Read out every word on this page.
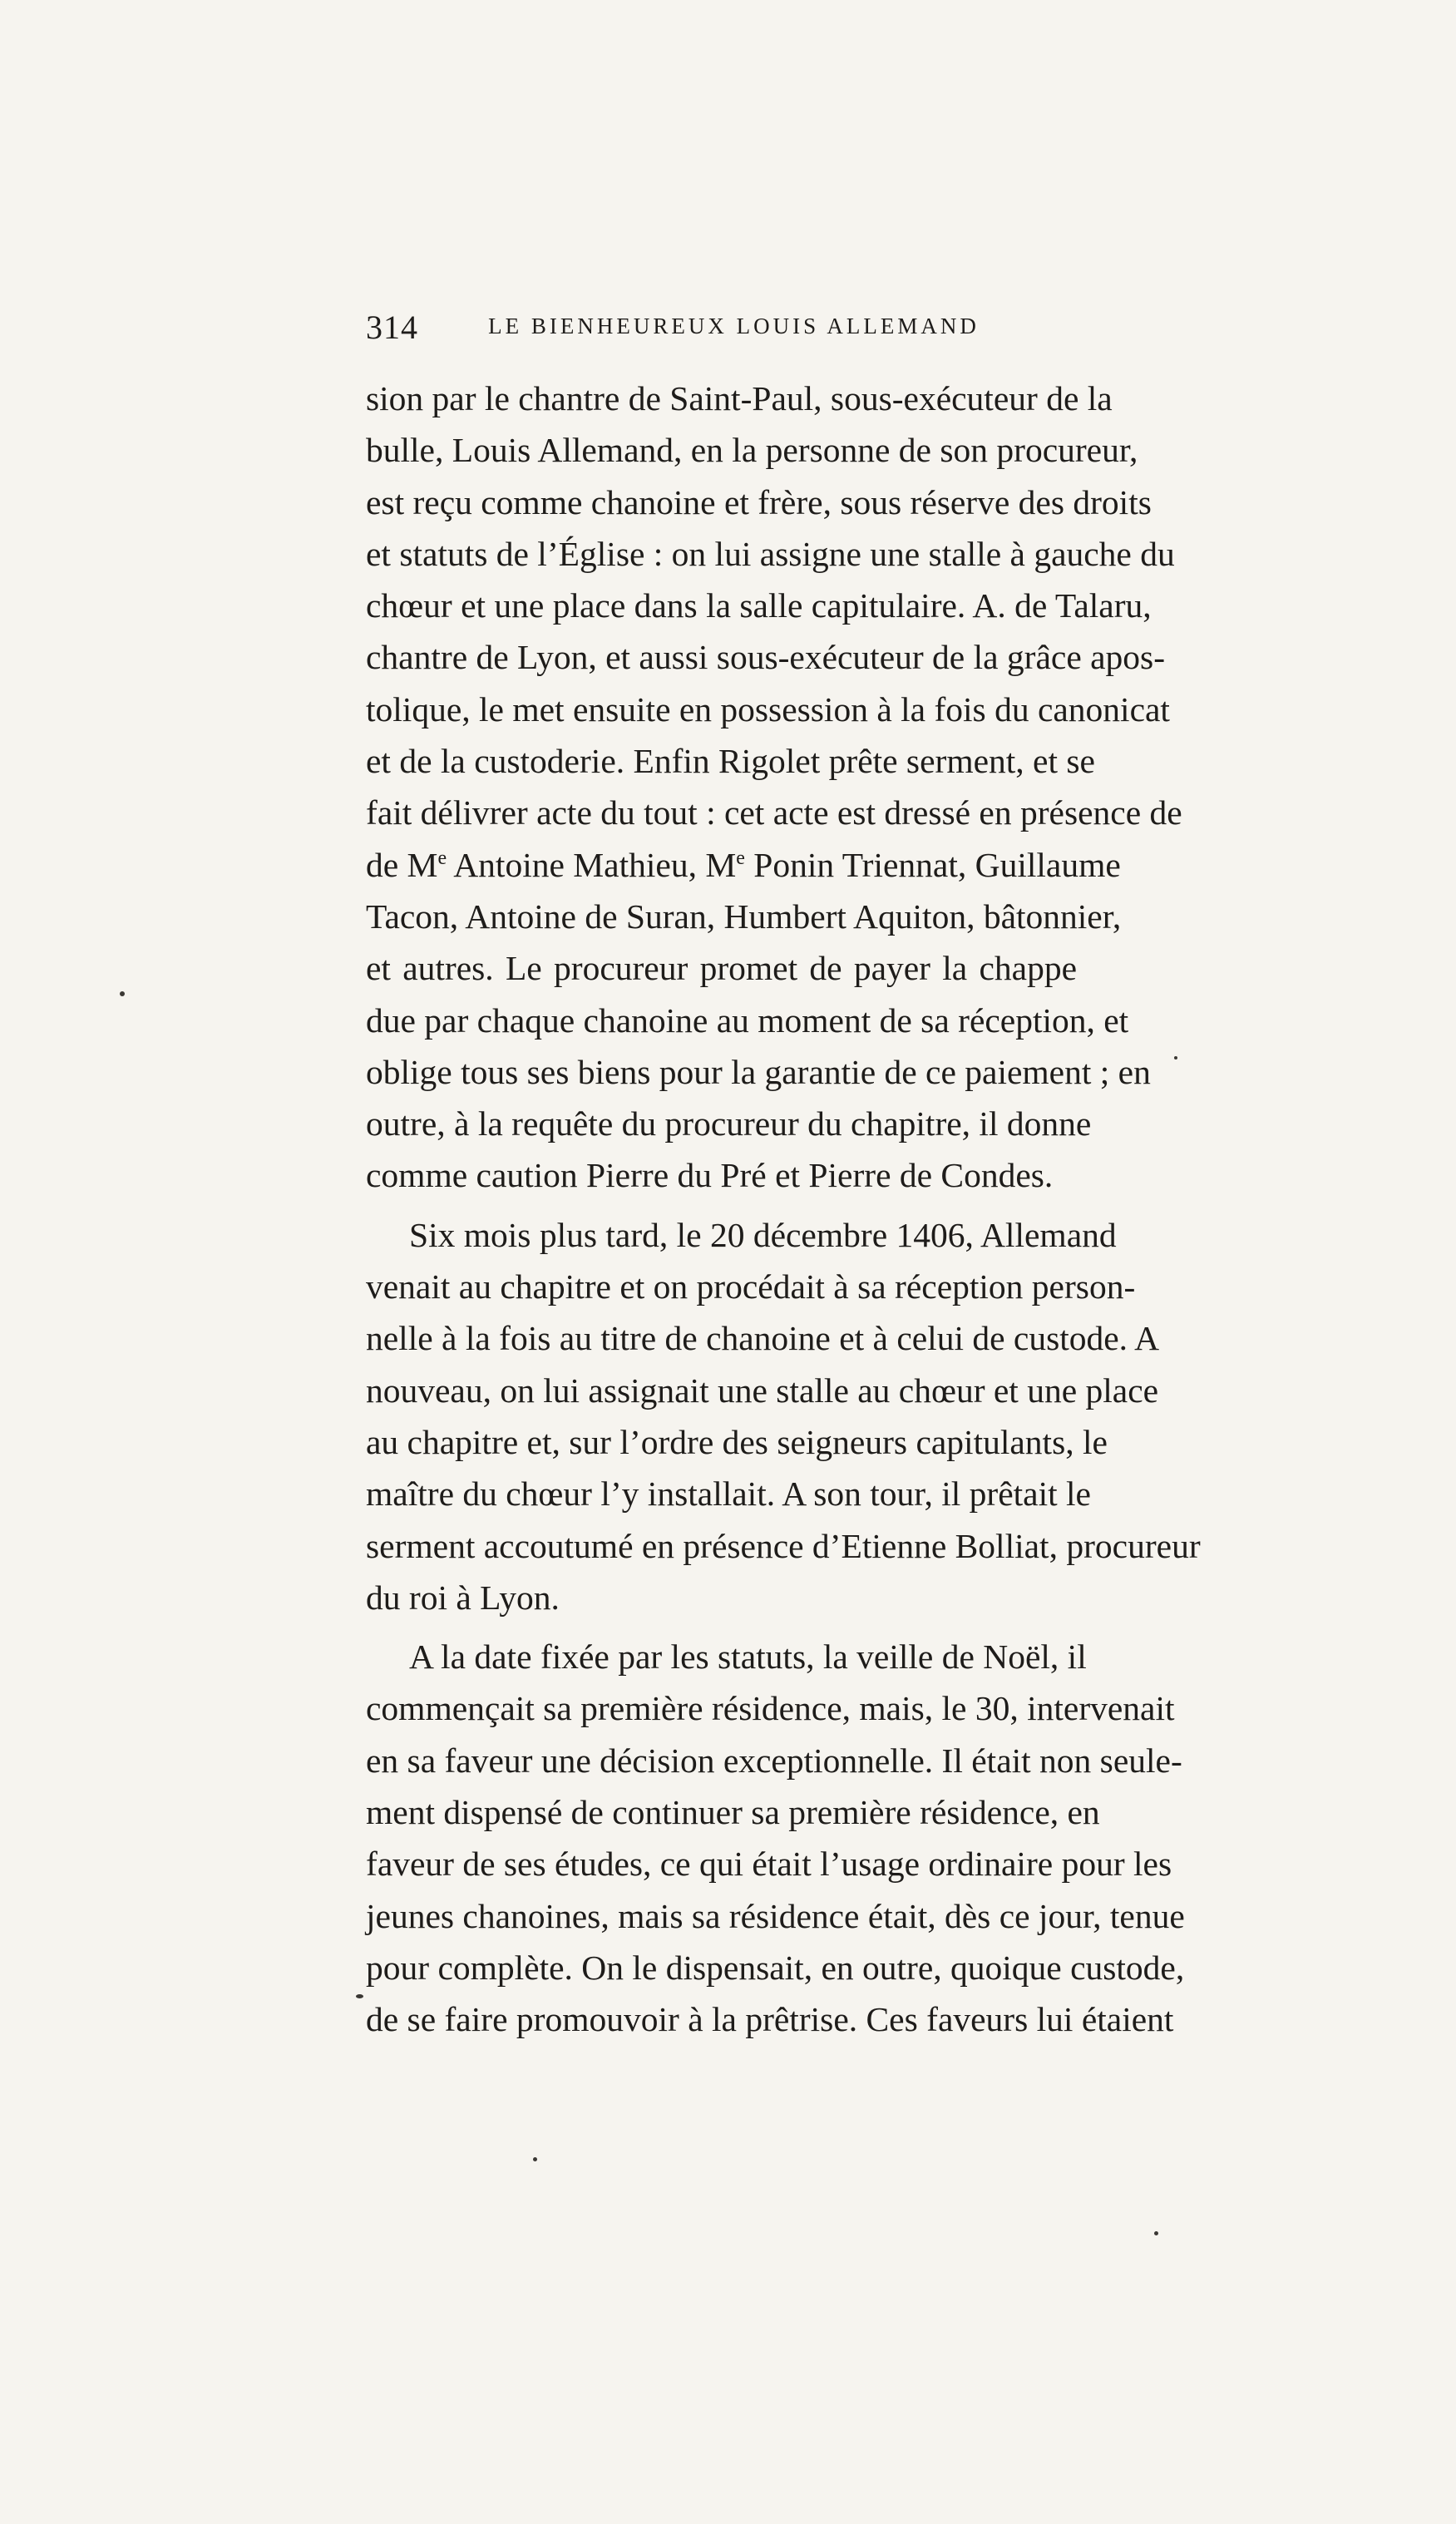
314	LE BIENHEUREUX LOUIS ALLEMAND

sion par le chantre de Saint-Paul, sous-exécuteur de la
bulle, Louis Allemand, en la personne de son procureur,
est reçu comme chanoine et frère, sous réserve des droits
et statuts de l’Église : on lui assigne une stalle à gauche du
chœur et une place dans la salle capitulaire. A. de Talaru,
chantre de Lyon, et aussi sous-exécuteur de la grâce apos-
tolique, le met ensuite en possession à la fois du canonicat
et de la custoderie. Enfin Rigolet prête serment, et se
fait délivrer acte du tout : cet acte est dressé en présence de
de Me Antoine Mathieu, Me Ponin Triennat, Guillaume
Tacon, Antoine de Suran, Humbert Aquiton, bâtonnier,
et autres. Le procureur promet de payer la chappe
due par chaque chanoine au moment de sa réception, et
oblige tous ses biens pour la garantie de ce paiement ; en
outre, à la requête du procureur du chapitre, il donne
comme caution Pierre du Pré et Pierre de Condes.

Six mois plus tard, le 20 décembre 1406, Allemand
venait au chapitre et on procédait à sa réception person-
nelle à la fois au titre de chanoine et à celui de custode. A
nouveau, on lui assignait une stalle au chœur et une place
au chapitre et, sur l’ordre des seigneurs capitulants, le
maître du chœur l’y installait. A son tour, il prêtait le
serment accoutumé en présence d’Etienne Bolliat, procureur
du roi à Lyon.

A la date fixée par les statuts, la veille de Noël, il
commençait sa première résidence, mais, le 30, intervenait
en sa faveur une décision exceptionnelle. Il était non seule-
ment dispensé de continuer sa première résidence, en
faveur de ses études, ce qui était l’usage ordinaire pour les
jeunes chanoines, mais sa résidence était, dès ce jour, tenue
pour complète. On le dispensait, en outre, quoique custode,
de se faire promouvoir à la prêtrise. Ces faveurs lui étaient
